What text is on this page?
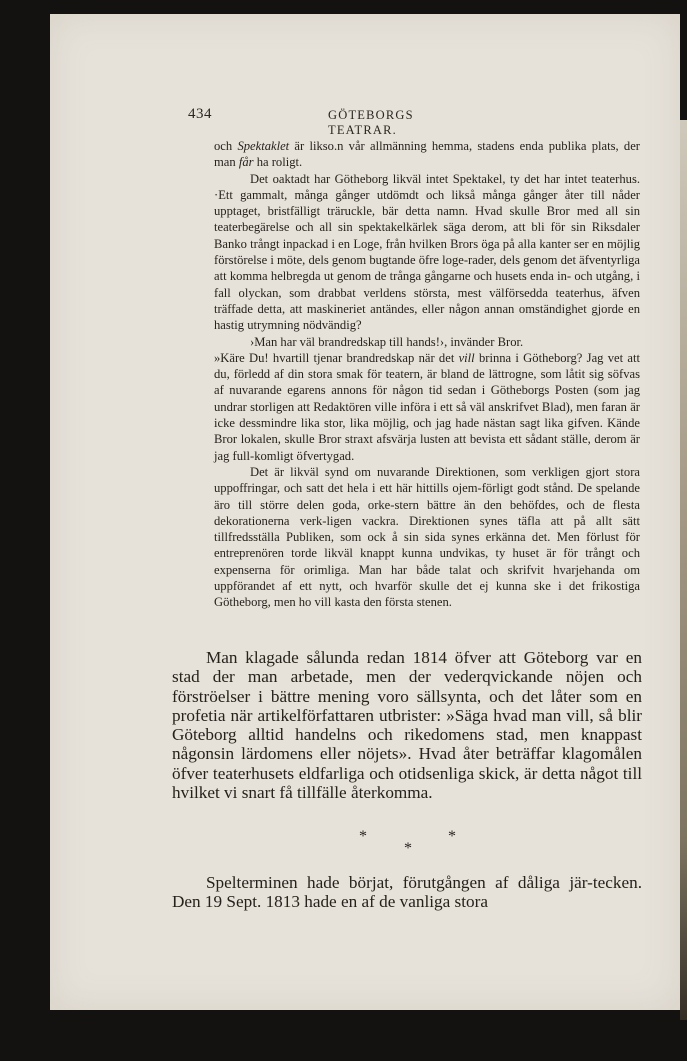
434	GÖTEBORGS TEATRAR.

och Spektaklet är likso.n vår allmänning hemma, stadens enda publika plats, der man får ha roligt.

Det oaktadt har Götheborg likväl intet Spektakel, ty det har intet teaterhus. ·Ett gammalt, många gånger utdömdt och likså många gånger åter till nåder upptaget, bristfälligt träruckle, bär detta namn. Hvad skulle Bror med all sin teaterbegärelse och all sin spektakelkärlek säga derom, att bli för sin Riksdaler Banko trångt inpackad i en Loge, från hvilken Brors öga på alla kanter ser en möjlig förstörelse i möte, dels genom bugtande öfre loge-rader, dels genom det äfventyrliga att komma helbregda ut genom de trånga gångarne och husets enda in- och utgång, i fall olyckan, som drabbat verldens största, mest välförsedda teaterhus, äfven träffade detta, att maskineriet antändes, eller någon annan omständighet gjorde en hastig utrymning nödvändig?

›Man har väl brandredskap till hands!›, invänder Bror.

»Käre Du! hvartill tjenar brandredskap när det vill brinna i Götheborg? Jag vet att du, förledd af din stora smak för teatern, är bland de lättrogne, som låtit sig söfvas af nuvarande egarens annons för någon tid sedan i Götheborgs Posten (som jag undrar storligen att Redaktören ville införa i ett så väl anskrifvet Blad), men faran är icke dessmindre lika stor, lika möjlig, och jag hade nästan sagt lika gifven. Kände Bror lokalen, skulle Bror straxt afsvärja lusten att bevista ett sådant ställe, derom är jag full-komligt öfvertygad.

Det är likväl synd om nuvarande Direktionen, som verkligen gjort stora uppoffringar, och satt det hela i ett här hittills ojem-förligt godt stånd. De spelande äro till större delen goda, orke-stern bättre än den behöfdes, och de flesta dekorationerna verk-ligen vackra. Direktionen synes täfla att på allt sätt tillfredsställa Publiken, som ock å sin sida synes erkänna det. Men förlust för entreprenören torde likväl knappt kunna undvikas, ty huset är för trångt och expenserna för orimliga. Man har både talat och skrifvit hvarjehanda om uppförandet af ett nytt, och hvarför skulle det ej kunna ske i det frikostiga Götheborg, men ho vill kasta den första stenen.

Man klagade sålunda redan 1814 öfver att Göteborg var en stad der man arbetade, men der vederqvickande nöjen och förströelser i bättre mening voro sällsynta, och det låter som en profetia när artikelförfattaren utbrister: »Säga hvad man vill, så blir Göteborg alltid handelns och rikedomens stad, men knappast någonsin lärdomens eller nöjets». Hvad åter beträffar klagomålen öfver teaterhusets eldfarliga och otidsenliga skick, är detta något till hvilket vi snart få tillfälle återkomma.

*	*
*

Spelterminen hade börjat, förutgången af dåliga jär-tecken. Den 19 Sept. 1813 hade en af de vanliga stora
